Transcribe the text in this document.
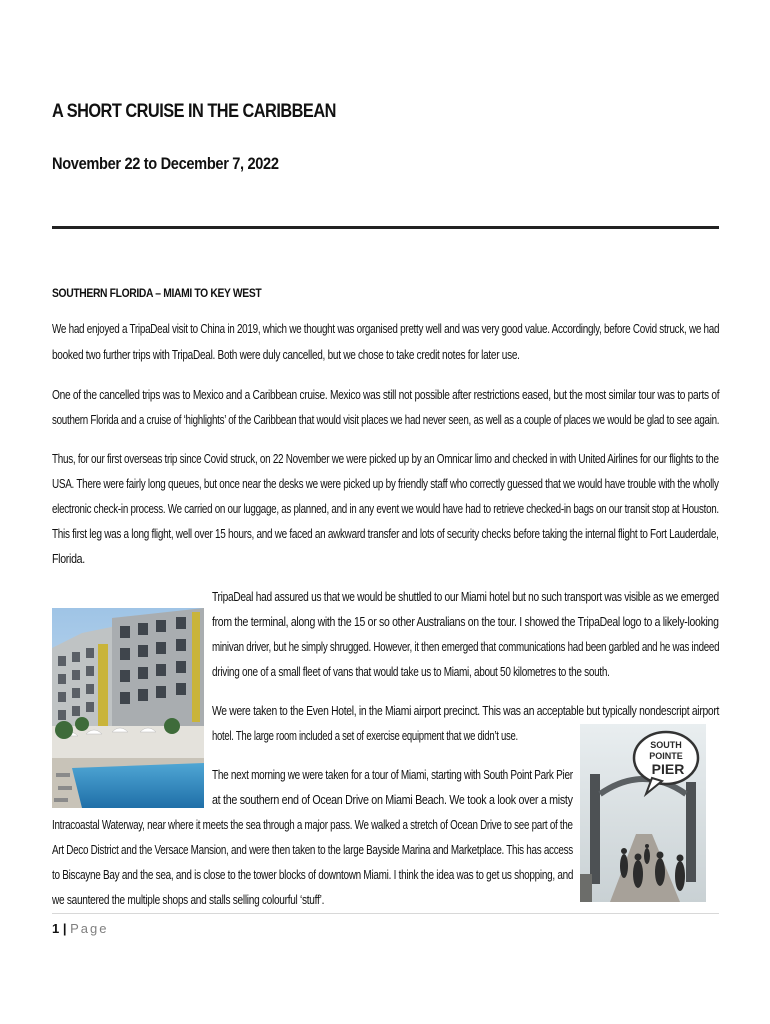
A SHORT CRUISE IN THE CARIBBEAN
November 22 to December 7, 2022
SOUTHERN FLORIDA – MIAMI TO KEY WEST
We had enjoyed a TripaDeal visit to China in 2019, which we thought was organised pretty well and was very good value. Accordingly, before Covid struck, we had
booked two further trips with TripaDeal. Both were duly cancelled, but we chose to take credit notes for later use.
One of the cancelled trips was to Mexico and a Caribbean cruise. Mexico was still not possible after restrictions eased, but the most similar tour was to parts of
southern Florida and a cruise of ‘highlights’ of the Caribbean that would visit places we had never seen, as well as a couple of places we would be glad to see again.
Thus, for our first overseas trip since Covid struck, on 22 November we were picked up by an Omnicar limo and checked in with United Airlines for our flights to the
USA. There were fairly long queues, but once near the desks we were picked up by friendly staff who correctly guessed that we would have trouble with the wholly
electronic check-in process. We carried on our luggage, as planned, and in any event we would have had to retrieve checked-in bags on our transit stop at Houston.
This first leg was a long flight, well over 15 hours, and we faced an awkward transfer and lots of security checks before taking the internal flight to Fort Lauderdale,
Florida.
TripaDeal had assured us that we would be shuttled to our Miami hotel but no such transport was visible as we emerged
from the terminal, along with the 15 or so other Australians on the tour. I showed the TripaDeal logo to a likely-looking
minivan driver, but he simply shrugged. However, it then emerged that communications had been garbled and he was indeed
driving one of a small fleet of vans that would take us to Miami, about 50 kilometres to the south.
We were taken to the Even Hotel, in the Miami airport precinct. This was an acceptable but typically nondescript airport
hotel. The large room included a set of exercise equipment that we didn’t use.
The next morning we were taken for a tour of Miami, starting with South Point Park Pier
at the southern end of Ocean Drive on Miami Beach. We took a look over a misty
Intracoastal Waterway, near where it meets the sea through a major pass. We walked a stretch of Ocean Drive to see part of the
Art Deco District and the Versace Mansion, and were then taken to the large Bayside Marina and Marketplace. This has access
to Biscayne Bay and the sea, and is close to the tower blocks of downtown Miami. I think the idea was to get us shopping, and
we sauntered the multiple shops and stalls selling colourful ‘stuff’.
SOUTH
POINTE
PIER
1 | Page
